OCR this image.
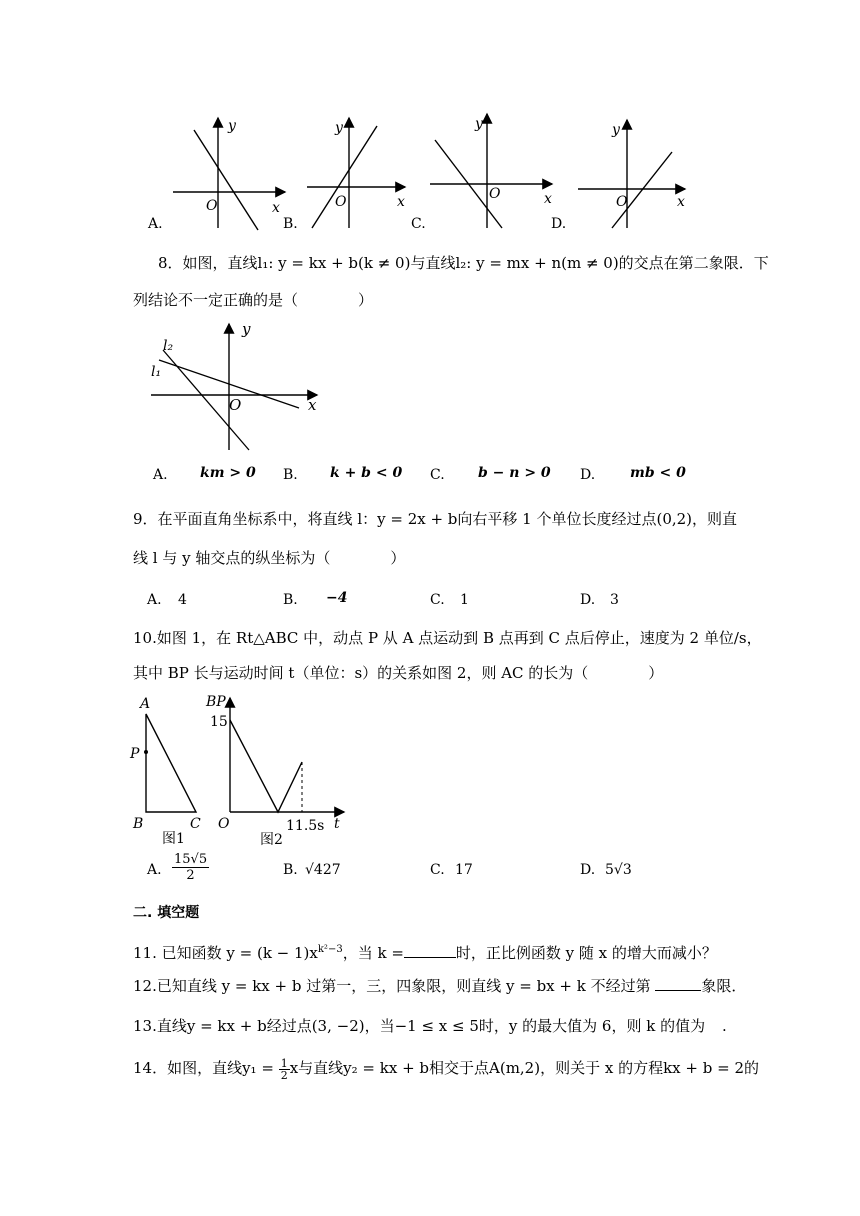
y
x
O
y
x
O
y
x
O
y
x
O
A.	B.	C.	D.
8．如图，直线l₁: y = kx + b(k ≠ 0)与直线l₂: y = mx + n(m ≠ 0)的交点在第二象限．下
列结论不一定正确的是（　　　　）
l₂
l₁
y
x
O
A. km > 0 B. k + b < 0 C. b − n > 0 D. mb < 0
9．在平面直角坐标系中，将直线 l：y = 2x + b向右平移 1 个单位长度经过点(0,2)，则直
线 l 与 y 轴交点的纵坐标为（　　　　）
A. 4	B. −4	C. 1	D. 3
10.如图 1，在 Rt△ABC 中，动点 P 从 A 点运动到 B 点再到 C 点后停止，速度为 2 单位/s，
其中 BP 长与运动时间 t（单位：s）的关系如图 2，则 AC 的长为（　　　　）
A
P
B	C
图1
BP
15
O	11.5s t
图2
A. $\frac{15√5}{2}$	B. √427	C. 17	D. 5√3
二. 填空题
11. 已知函数 $y = (k - 1)x^{k^2-3}$，当 k =	时，正比例函数 y 随 x 的增大而减小？
12.已知直线 y = kx + b 过第一，三，四象限，则直线 y = bx + k 不经过第	象限．
13.直线y = kx + b经过点(3, −2)，当−1 ≤ x ≤ 5时，y 的最大值为 6，则 k 的值为 .
14．如图，直线$y_1 = \frac{1}{2}$ x与直线y₂ = kx + b相交于点A(m,2)，则关于 x 的方程kx + b = 2的
